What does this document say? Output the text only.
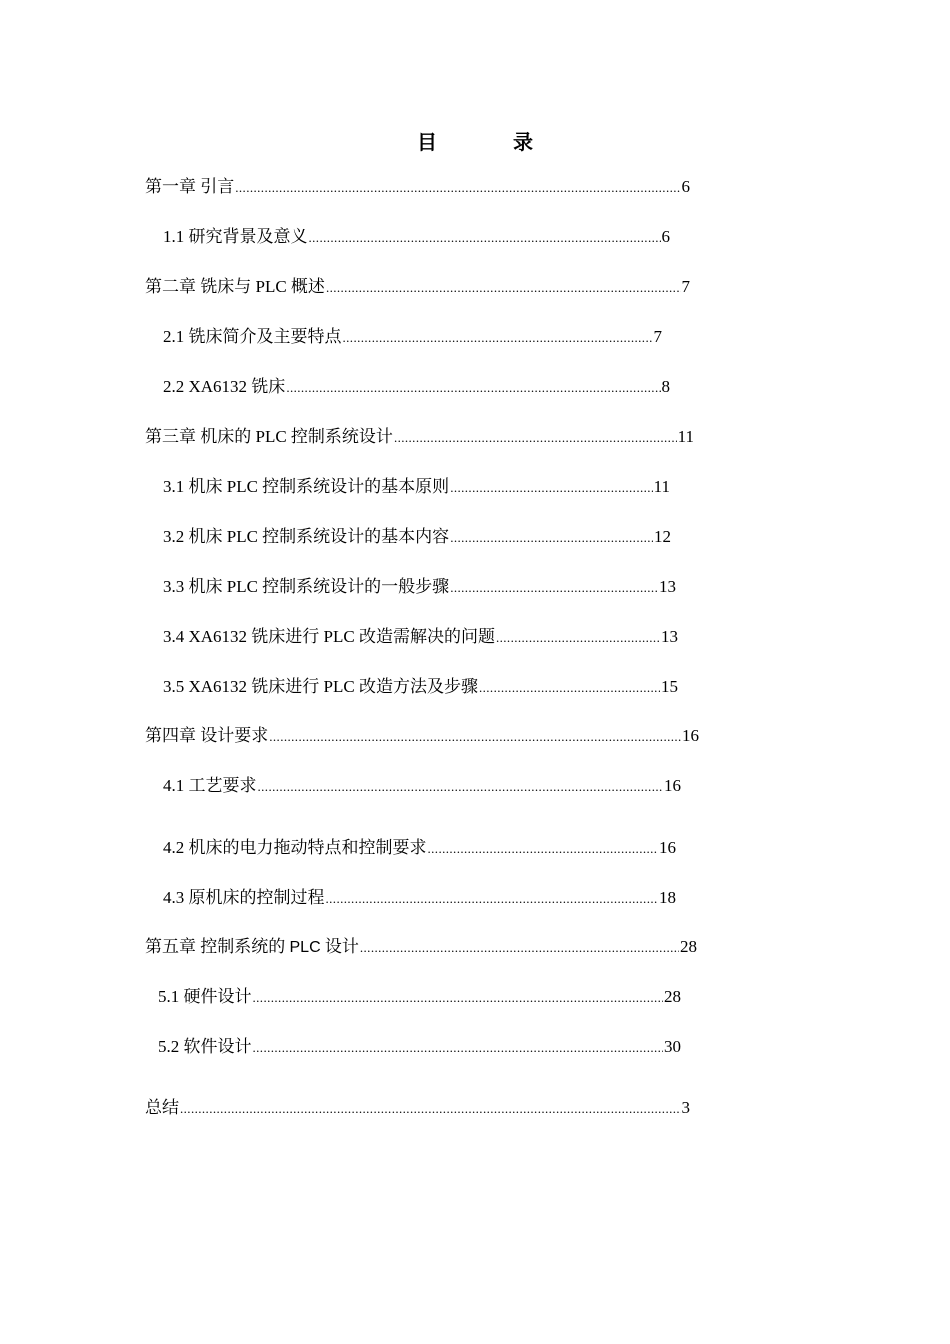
目	录
第一章 引言 .....	6
1.1 研究背景及意义 .....	6
第二章 铣床与 PLC 概述 .....	7
2.1 铣床简介及主要特点 .....	7
2.2 XA6132 铣床 .....	8
第三章 机床的 PLC 控制系统设计 .....	11
3.1 机床 PLC 控制系统设计的基本原则 .....	11
3.2 机床 PLC 控制系统设计的基本内容 .....	12
3.3 机床 PLC 控制系统设计的一般步骤 .....	13
3.4 XA6132 铣床进行 PLC 改造需解决的问题 .....	13
3.5 XA6132 铣床进行 PLC 改造方法及步骤 .....	15
第四章 设计要求 .....	16
4.1 工艺要求 .....	16
4.2 机床的电力拖动特点和控制要求 .....	16
4.3 原机床的控制过程 .....	18
第五章 控制系统的 PLC 设计 .....	28
5.1 硬件设计 .....	28
5.2 软件设计 .....	30
总结 .....	3
